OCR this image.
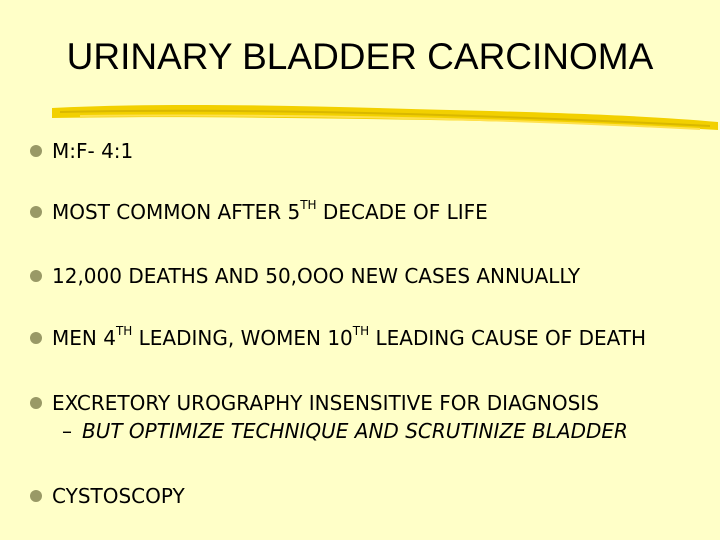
URINARY BLADDER CARCINOMA
M:F- 4:1
MOST COMMON AFTER 5TH DECADE OF LIFE
12,000 DEATHS AND 50,OOO NEW CASES ANNUALLY
MEN 4TH LEADING, WOMEN 10TH LEADING CAUSE OF DEATH
EXCRETORY UROGRAPHY INSENSITIVE FOR DIAGNOSIS
– BUT OPTIMIZE TECHNIQUE AND SCRUTINIZE BLADDER
CYSTOSCOPY
